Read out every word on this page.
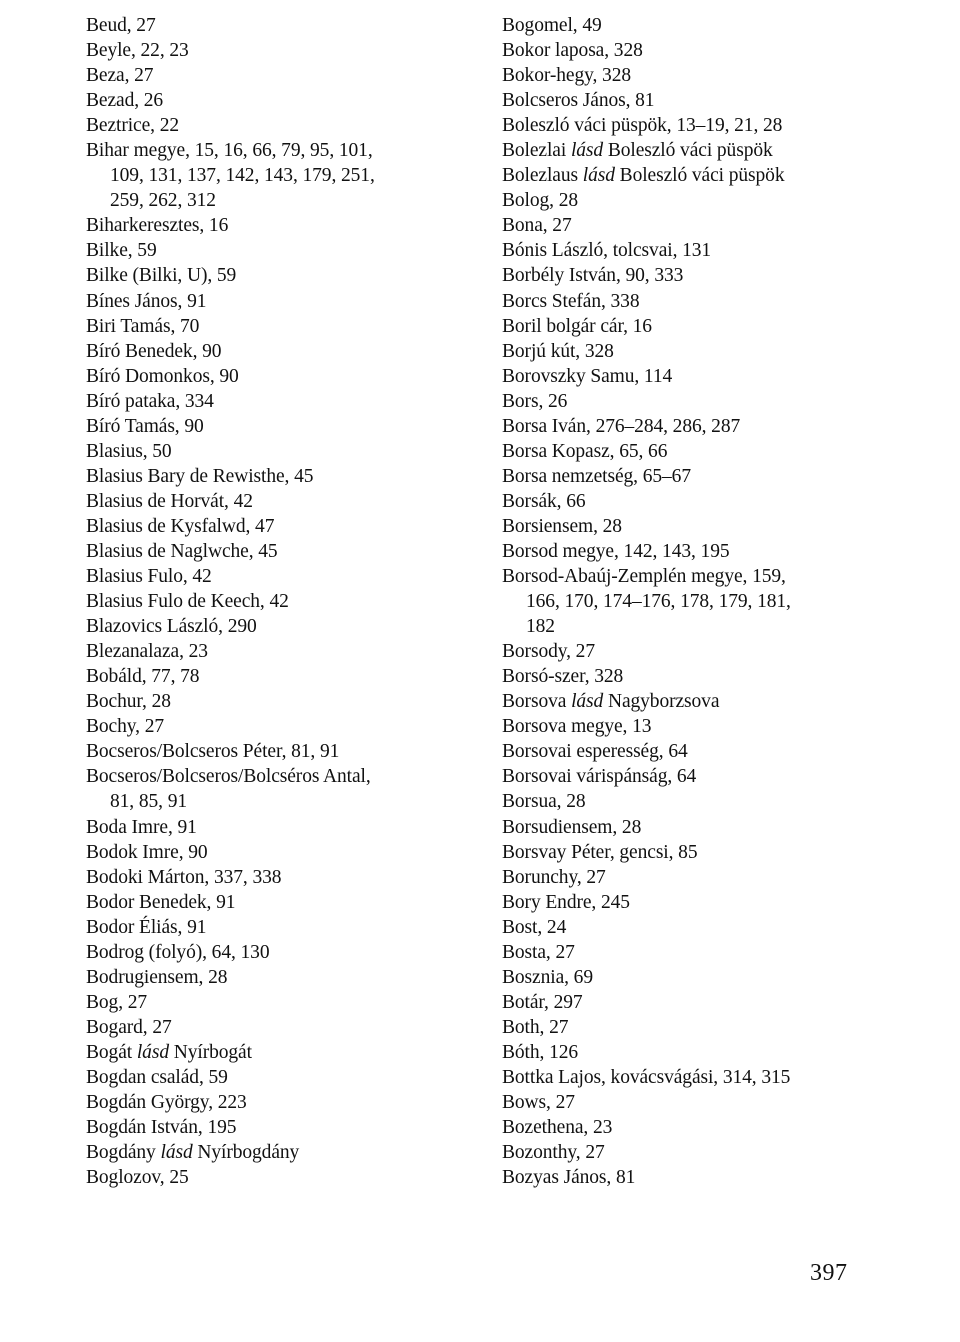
Beud, 27
Beyle, 22, 23
Beza, 27
Bezad, 26
Beztrice, 22
Bihar megye, 15, 16, 66, 79, 95, 101,
109, 131, 137, 142, 143, 179, 251,
259, 262, 312
Biharkeresztes, 16
Bilke, 59
Bilke (Bilki, U), 59
Bínes János, 91
Biri Tamás, 70
Bíró Benedek, 90
Bíró Domonkos, 90
Bíró pataka, 334
Bíró Tamás, 90
Blasius, 50
Blasius Bary de Rewisthe, 45
Blasius de Horvát, 42
Blasius de Kysfalwd, 47
Blasius de Naglwche, 45
Blasius Fulo, 42
Blasius Fulo de Keech, 42
Blazovics László, 290
Blezanalaza, 23
Bobáld, 77, 78
Bochur, 28
Bochy, 27
Bocseros/Bolcseros Péter, 81, 91
Bocseros/Bolcseros/Bolcséros Antal,
81, 85, 91
Boda Imre, 91
Bodok Imre, 90
Bodoki Márton, 337, 338
Bodor Benedek, 91
Bodor Éliás, 91
Bodrog (folyó), 64, 130
Bodrugiensem, 28
Bog, 27
Bogard, 27
Bogát lásd Nyírbogát
Bogdan család, 59
Bogdán György, 223
Bogdán István, 195
Bogdány lásd Nyírbogdány
Boglozov, 25
Bogomel, 49
Bokor laposa, 328
Bokor-hegy, 328
Bolcseros János, 81
Boleszló váci püspök, 13–19, 21, 28
Bolezlai lásd Boleszló váci püspök
Bolezlaus lásd Boleszló váci püspök
Bolog, 28
Bona, 27
Bónis László, tolcsvai, 131
Borbély István, 90, 333
Borcs Stefán, 338
Boril bolgár cár, 16
Borjú kút, 328
Borovszky Samu, 114
Bors, 26
Borsa Iván, 276–284, 286, 287
Borsa Kopasz, 65, 66
Borsa nemzetség, 65–67
Borsák, 66
Borsiensem, 28
Borsod megye, 142, 143, 195
Borsod-Abaúj-Zemplén megye, 159,
166, 170, 174–176, 178, 179, 181,
182
Borsody, 27
Borsó-szer, 328
Borsova lásd Nagyborzsova
Borsova megye, 13
Borsovai esperesség, 64
Borsovai várispánság, 64
Borsua, 28
Borsudiensem, 28
Borsvay Péter, gencsi, 85
Borunchy, 27
Bory Endre, 245
Bost, 24
Bosta, 27
Bosznia, 69
Botár, 297
Both, 27
Bóth, 126
Bottka Lajos, kovácsvágási, 314, 315
Bows, 27
Bozethena, 23
Bozonthy, 27
Bozyas János, 81
397
